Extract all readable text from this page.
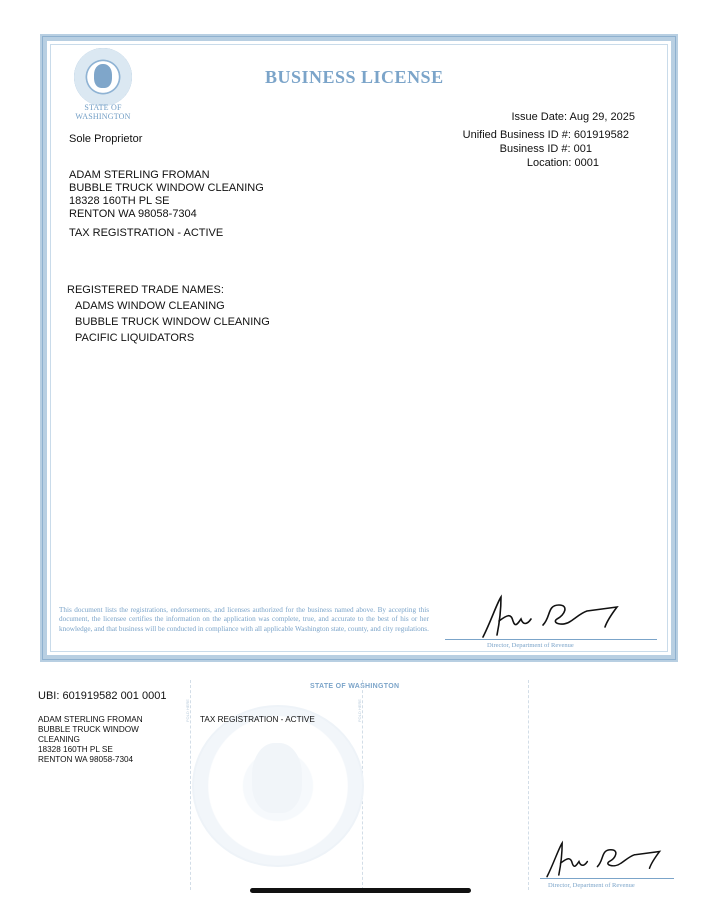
STATE OF
WASHINGTON
BUSINESS LICENSE
Issue Date: Aug 29, 2025
Unified Business ID #: 601919582
Business ID #: 001
Location: 0001
Sole Proprietor
ADAM STERLING FROMAN
BUBBLE TRUCK WINDOW CLEANING
18328 160TH PL SE
RENTON WA 98058-7304
TAX REGISTRATION - ACTIVE
REGISTERED TRADE NAMES:
ADAMS WINDOW CLEANING
BUBBLE TRUCK WINDOW CLEANING
PACIFIC LIQUIDATORS
This document lists the registrations, endorsements, and licenses authorized for the business named above. By accepting this document, the licensee certifies the information on the application was complete, true, and accurate to the best of his or her knowledge, and that business will be conducted in compliance with all applicable Washington state, county, and city regulations.
Director, Department of Revenue
STATE OF WASHINGTON
FOLD HERE	FOLD HERE
UBI: 601919582 001 0001
ADAM STERLING FROMAN
BUBBLE TRUCK WINDOW
CLEANING
18328 160TH PL SE
RENTON WA 98058-7304
TAX REGISTRATION - ACTIVE
Director, Department of Revenue
